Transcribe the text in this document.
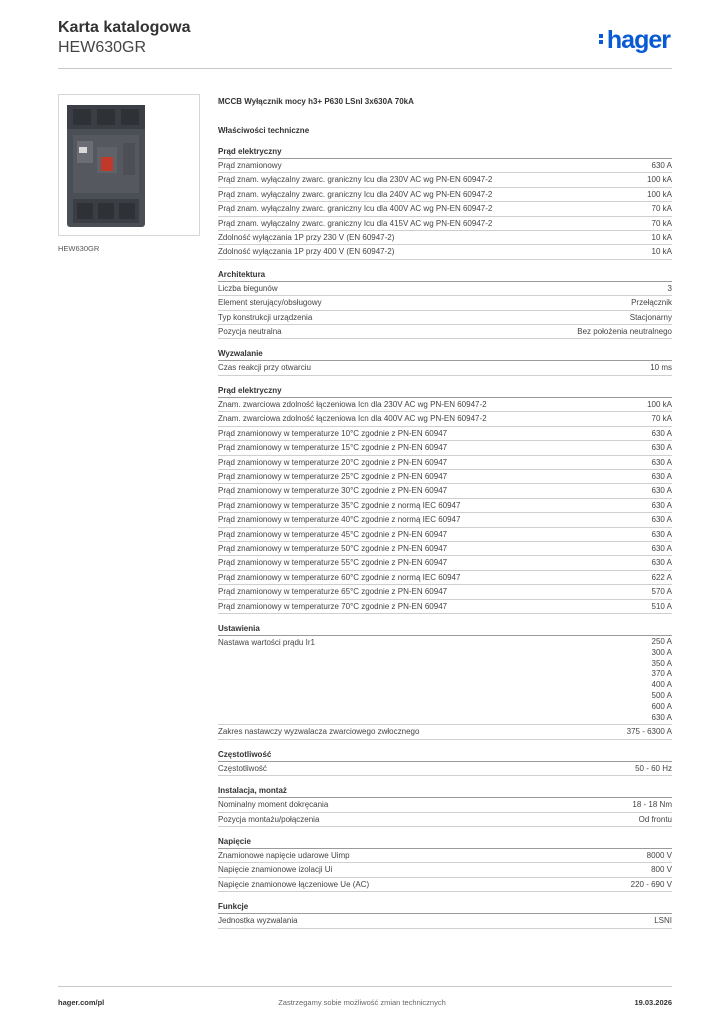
Karta katalogowa
HEW630GR	hager
HEW630GR
MCCB Wyłącznik mocy h3+ P630 LSnI 3x630A 70kA
Właściwości techniczne
Prąd elektryczny
Prąd znamionowy	630 A
Prąd znam. wyłączalny zwarc. graniczny Icu dla 230V AC wg PN-EN 60947-2	100 kA
Prąd znam. wyłączalny zwarc. graniczny Icu dla 240V AC wg PN-EN 60947-2	100 kA
Prąd znam. wyłączalny zwarc. graniczny Icu dla 400V AC wg PN-EN 60947-2	70 kA
Prąd znam. wyłączalny zwarc. graniczny Icu dla 415V AC wg PN-EN 60947-2	70 kA
Zdolność wyłączania 1P przy 230 V (EN 60947-2)	10 kA
Zdolność wyłączania 1P przy 400 V (EN 60947-2)	10 kA
Architektura
Liczba biegunów	3
Element sterujący/obsługowy	Przełącznik
Typ konstrukcji urządzenia	Stacjonarny
Pozycja neutralna	Bez położenia neutralnego
Wyzwalanie
Czas reakcji przy otwarciu	10 ms
Prąd elektryczny
Znam. zwarciowa zdolność łączeniowa Icn dla 230V AC wg PN-EN 60947-2	100 kA
Znam. zwarciowa zdolność łączeniowa Icn dla 400V AC wg PN-EN 60947-2	70 kA
Prąd znamionowy w temperaturze 10°C zgodnie z PN-EN 60947	630 A
Prąd znamionowy w temperaturze 15°C zgodnie z PN-EN 60947	630 A
Prąd znamionowy w temperaturze 20°C zgodnie z PN-EN 60947	630 A
Prąd znamionowy w temperaturze 25°C zgodnie z PN-EN 60947	630 A
Prąd znamionowy w temperaturze 30°C zgodnie z PN-EN 60947	630 A
Prąd znamionowy w temperaturze 35°C zgodnie z normą IEC 60947	630 A
Prąd znamionowy w temperaturze 40°C zgodnie z normą IEC 60947	630 A
Prąd znamionowy w temperaturze 45°C zgodnie z PN-EN 60947	630 A
Prąd znamionowy w temperaturze 50°C zgodnie z PN-EN 60947	630 A
Prąd znamionowy w temperaturze 55°C zgodnie z PN-EN 60947	630 A
Prąd znamionowy w temperaturze 60°C zgodnie z normą IEC 60947	622 A
Prąd znamionowy w temperaturze 65°C zgodnie z PN-EN 60947	570 A
Prąd znamionowy w temperaturze 70°C zgodnie z PN-EN 60947	510 A
Ustawienia
Nastawa wartości prądu Ir1	250 A
300 A
350 A
370 A
400 A
500 A
600 A
630 A
Zakres nastawczy wyzwalacza zwarciowego zwłocznego	375 - 6300 A
Częstotliwość
Częstotliwość	50 - 60 Hz
Instalacja, montaż
Nominalny moment dokręcania	18 - 18 Nm
Pozycja montażu/połączenia	Od frontu
Napięcie
Znamionowe napięcie udarowe Uimp	8000 V
Napięcie znamionowe izolacji Ui	800 V
Napięcie znamionowe łączeniowe Ue (AC)	220 - 690 V
Funkcje
Jednostka wyzwalania	LSNI
hager.com/pl	Zastrzegamy sobie możliwość zmian technicznych	19.03.2026
